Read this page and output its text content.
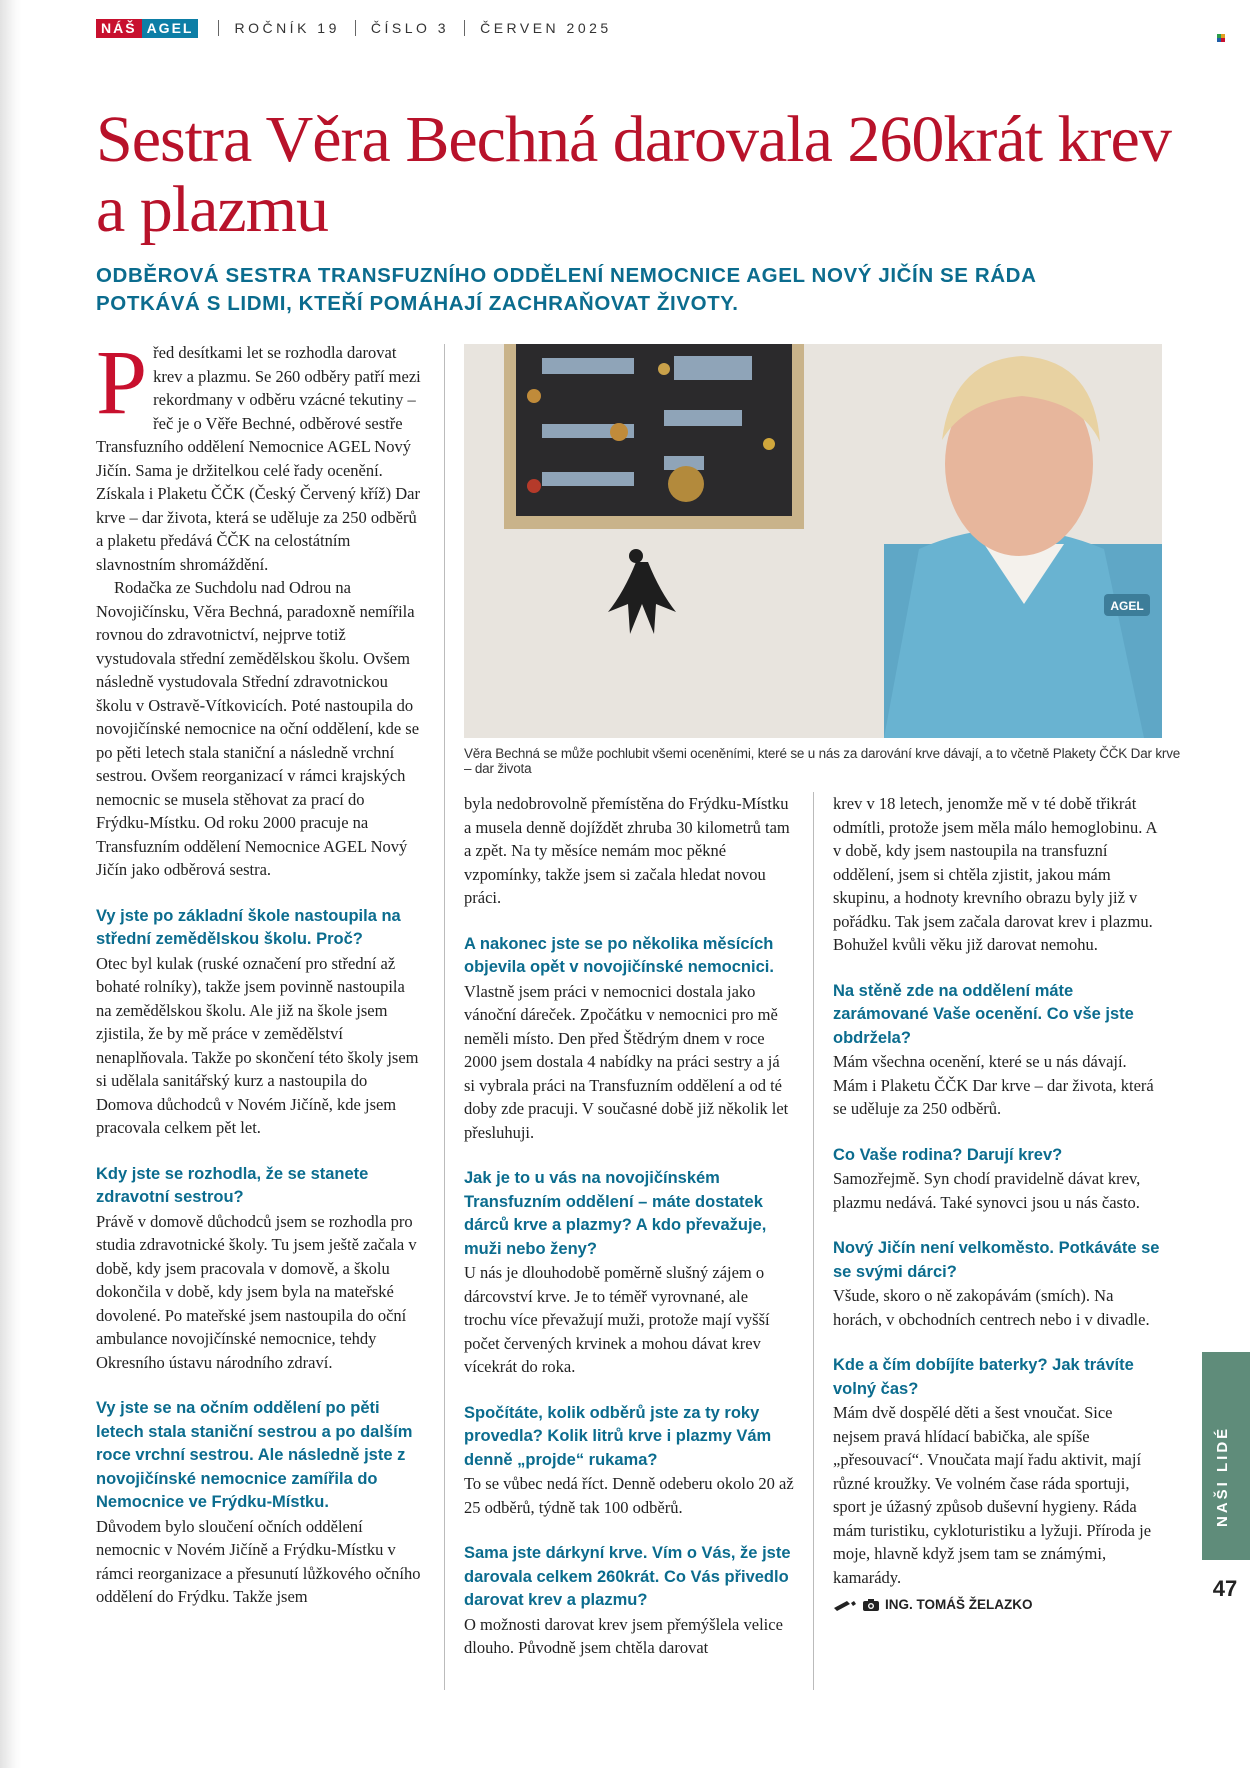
NÁŠ AGEL	ROČNÍK 19	ČÍSLO 3	ČERVEN 2025
Sestra Věra Bechná darovala 260krát krev a plazmu
ODBĚROVÁ SESTRA TRANSFUZNÍHO ODDĚLENÍ NEMOCNICE AGEL NOVÝ JIČÍN SE RÁDA POTKÁVÁ S LIDMI, KTEŘÍ POMÁHAJÍ ZACHRAŇOVAT ŽIVOTY.

Před desítkami let se rozhodla darovat krev a plazmu. Se 260 odběry patří mezi rekordmany v odběru vzácné tekutiny – řeč je o Věře Bechné, odběrové sestře Transfuzního oddělení Nemocnice AGEL Nový Jičín. Sama je držitelkou celé řady ocenění. Získala i Plaketu ČČK (Český Červený kříž) Dar krve – dar života, která se uděluje za 250 odběrů a plaketu předává ČČK na celostátním slavnostním shromáždění.

Rodačka ze Suchdolu nad Odrou na Novojičínsku, Věra Bechná, paradoxně nemířila rovnou do zdravotnictví, nejprve totiž vystudovala střední zemědělskou školu. Ovšem následně vystudovala Střední zdravotnickou školu v Ostravě-Vítkovicích. Poté nastoupila do novojičínské nemocnice na oční oddělení, kde se po pěti letech stala staniční a následně vrchní sestrou. Ovšem reorganizací v rámci krajských nemocnic se musela stěhovat za prací do Frýdku-Místku. Od roku 2000 pracuje na Transfuzním oddělení Nemocnice AGEL Nový Jičín jako odběrová sestra.

Vy jste po základní škole nastoupila na střední zemědělskou školu. Proč?

Otec byl kulak (ruské označení pro střední až bohaté rolníky), takže jsem povinně nastoupila na zemědělskou školu. Ale již na škole jsem zjistila, že by mě práce v zemědělství nenaplňovala. Takže po skončení této školy jsem si udělala sanitářský kurz a nastoupila do Domova důchodců v Novém Jičíně, kde jsem pracovala celkem pět let.

Kdy jste se rozhodla, že se stanete zdravotní sestrou?

Právě v domově důchodců jsem se rozhodla pro studia zdravotnické školy. Tu jsem ještě začala v době, kdy jsem pracovala v domově, a školu dokončila v době, kdy jsem byla na mateřské dovolené. Po mateřské jsem nastoupila do oční ambulance novojičínské nemocnice, tehdy Okresního ústavu národního zdraví.

Vy jste se na očním oddělení po pěti letech stala staniční sestrou a po dalším roce vrchní sestrou. Ale následně jste z novojičínské nemocnice zamířila do Nemocnice ve Frýdku-Místku.

Důvodem bylo sloučení očních oddělení nemocnic v Novém Jičíně a Frýdku-Místku v rámci reorganizace a přesunutí lůžkového očního oddělení do Frýdku. Takže jsem

AGEL

Věra Bechná se může pochlubit všemi oceněními, které se u nás za darování krve dávají, a to včetně Plakety ČČK Dar krve – dar života

byla nedobrovolně přemístěna do Frýdku-Místku a musela denně dojíždět zhruba 30 kilometrů tam a zpět. Na ty měsíce nemám moc pěkné vzpomínky, takže jsem si začala hledat novou práci.

A nakonec jste se po několika měsících objevila opět v novojičínské nemocnici.

Vlastně jsem práci v nemocnici dostala jako vánoční dáreček. Zpočátku v nemocnici pro mě neměli místo. Den před Štědrým dnem v roce 2000 jsem dostala 4 nabídky na práci sestry a já si vybrala práci na Transfuzním oddělení a od té doby zde pracuji. V současné době již několik let přesluhuji.

Jak je to u vás na novojičínském Transfuzním oddělení – máte dostatek dárců krve a plazmy? A kdo převažuje, muži nebo ženy?

U nás je dlouhodobě poměrně slušný zájem o dárcovství krve. Je to téměř vyrovnané, ale trochu více převažují muži, protože mají vyšší počet červených krvinek a mohou dávat krev vícekrát do roka.

Spočítáte, kolik odběrů jste za ty roky provedla? Kolik litrů krve i plazmy Vám denně „projde“ rukama?

To se vůbec nedá říct. Denně odeberu okolo 20 až 25 odběrů, týdně tak 100 odběrů.

Sama jste dárkyní krve. Vím o Vás, že jste darovala celkem 260krát. Co Vás přivedlo darovat krev a plazmu?

O možnosti darovat krev jsem přemýšlela velice dlouho. Původně jsem chtěla darovat

krev v 18 letech, jenomže mě v té době třikrát odmítli, protože jsem měla málo hemoglobinu. A v době, kdy jsem nastoupila na transfuzní oddělení, jsem si chtěla zjistit, jakou mám skupinu, a hodnoty krevního obrazu byly již v pořádku. Tak jsem začala darovat krev i plazmu. Bohužel kvůli věku již darovat nemohu.

Na stěně zde na oddělení máte zarámované Vaše ocenění. Co vše jste obdržela?

Mám všechna ocenění, které se u nás dávají. Mám i Plaketu ČČK Dar krve – dar života, která se uděluje za 250 odběrů.

Co Vaše rodina? Darují krev?

Samozřejmě. Syn chodí pravidelně dávat krev, plazmu nedává. Také synovci jsou u nás často.

Nový Jičín není velkoměsto. Potkáváte se se svými dárci?

Všude, skoro o ně zakopávám (smích). Na horách, v obchodních centrech nebo i v divadle.

Kde a čím dobíjíte baterky? Jak trávíte volný čas?

Mám dvě dospělé děti a šest vnoučat. Sice nejsem pravá hlídací babička, ale spíše „přesouvací“. Vnoučata mají řadu aktivit, mají různé kroužky. Ve volném čase ráda sportuji, sport je úžasný způsob duševní hygieny. Ráda mám turistiku, cykloturistiku a lyžuji. Příroda je moje, hlavně když jsem tam se známými, kamarády.

ING. TOMÁŠ ŽELAZKO
NAŠI LIDÉ
47
